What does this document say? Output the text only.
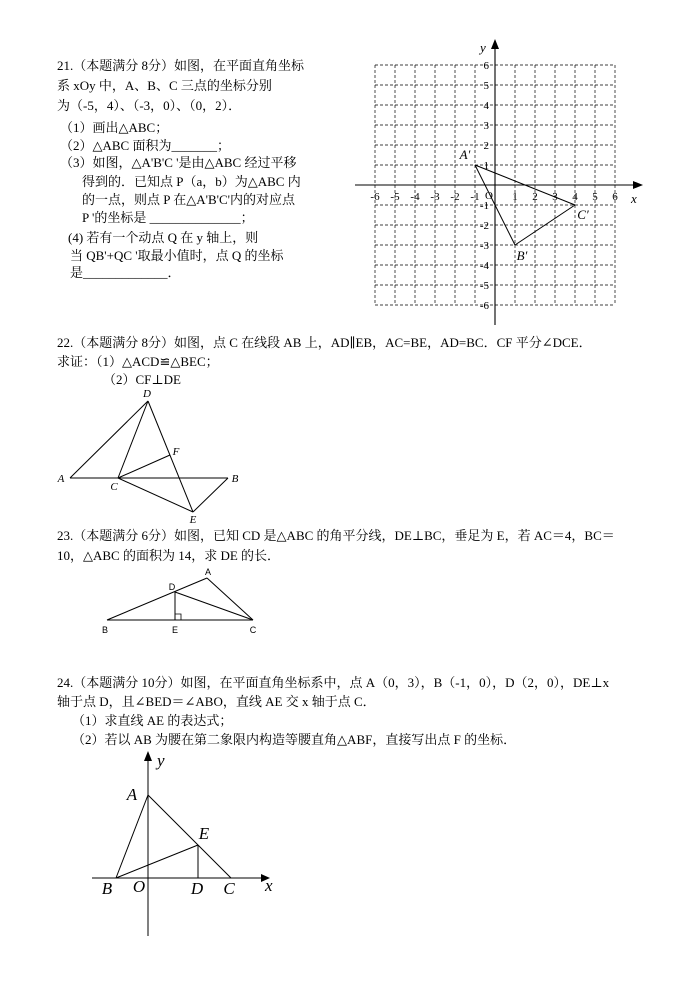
21.（本题满分 8分）如图，在平面直角坐标
系 xOy 中，A、B、C 三点的坐标分别
为（-5，4）、（-3，0）、（0，2）．
（1）画出△ABC；
（2）△ABC 面积为_______；
（3）如图，△A'B'C '是由△ABC 经过平移
得到的．已知点 P（a，b）为△ABC 内
的一点，则点 P 在△A'B'C'内的对应点
P '的坐标是 ______________；
(4) 若有一个动点 Q 在 y 轴上，则
当 QB'+QC '取最小值时，点 Q 的坐标
是_____________．
x
y
O
-6 -5 -4 -3 -2 -1	1 2 3 4 5 6
6
5
4
3
2
1
-1
-2
-3
-4
-5
-6
A′
B′
C′
22.（本题满分 8分）如图，点 C 在线段 AB 上，AD∥EB，AC=BE，AD=BC．CF 平分∠DCE．
求证：（1）△ACD≌△BEC；
（2）CF⊥DE
D
A
C
F
B
E
23.（本题满分 6分）如图，已知 CD 是△ABC 的角平分线，DE⊥BC，垂足为 E，若 AC＝4，BC＝
10，△ABC 的面积为 14，求 DE 的长．
A
D
B	E	C
24.（本题满分 10分）如图，在平面直角坐标系中，点 A（0，3），B（-1，0），D（2，0），DE⊥x
轴于点 D，且∠BED＝∠ABO，直线 AE 交 x 轴于点 C．
（1）求直线 AE 的表达式；
（2）若以 AB 为腰在第二象限内构造等腰直角△ABF，直接写出点 F 的坐标．
y
A
E
B O	D C x
